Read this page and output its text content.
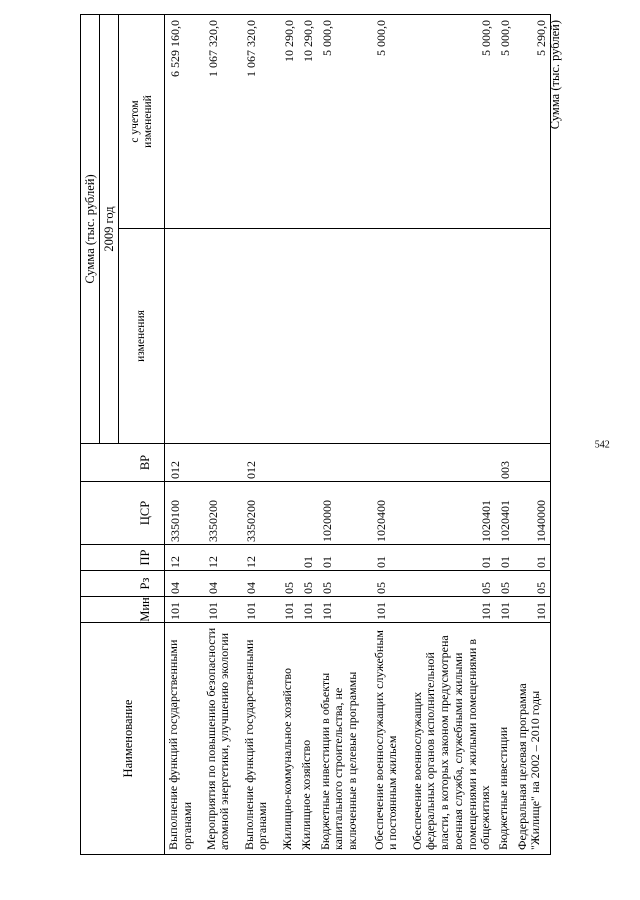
542
Сумма (тыс. рублей)
Наименование	Мин	Рз	ПР	ЦСР	ВР	Сумма (тыс. рублей)	
						2009 год	
						изменения	с учетом
изменений
Выполнение функций государственными органами	101	04	12	3350100	012		6 529 160,0
Мероприятия по повышению безопасности атомной энергетики, улучшению экологии	101	04	12	3350200			1 067 320,0
Выполнение функций государственными органами	101	04	12	3350200	012		1 067 320,0
Жилищно-коммунальное хозяйство	101	05					10 290,0
Жилищное хозяйство	101	05	01				10 290,0
Бюджетные инвестиции в объекты капитального строительства, не включенные в целевые программы	101	05	01	1020000			5 000,0
Обеспечение военнослужащих служебным и постоянным жильем	101	05	01	1020400			5 000,0
Обеспечение военнослужащих федеральных органов исполнительной власти, в которых законом предусмотрена военная служба, служебными жилыми помещениями и жилыми помещениями в общежитиях	101	05	01	1020401			5 000,0
Бюджетные инвестиции	101	05	01	1020401	003		5 000,0
Федеральная целевая программа "Жилище" на 2002 – 2010 годы	101	05	01	1040000			5 290,0
